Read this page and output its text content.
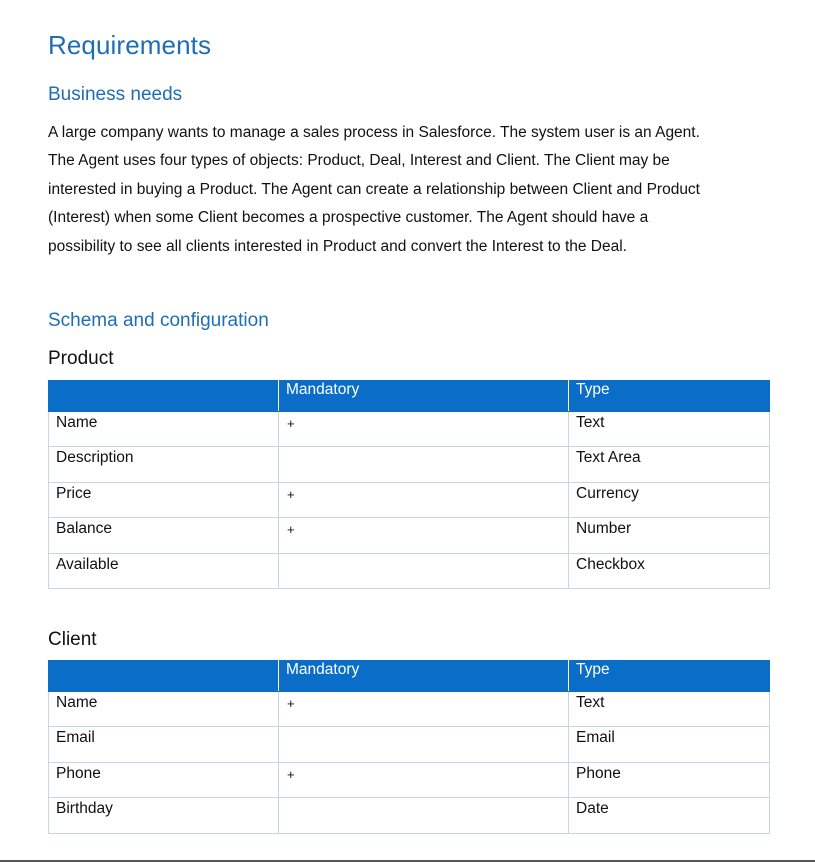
Requirements
Business needs
A large company wants to manage a sales process in Salesforce. The system user is an Agent.
The Agent uses four types of objects: Product, Deal, Interest and Client. The Client may be
interested in buying a Product. The Agent can create a relationship between Client and Product
(Interest) when some Client becomes a prospective customer. The Agent should have a
possibility to see all clients interested in Product and convert the Interest to the Deal.
Schema and configuration
Product
	Mandatory	Type
Name	+	Text
Description		Text Area
Price	+	Currency
Balance	+	Number
Available		Checkbox
Client
	Mandatory	Type
Name	+	Text
Email		Email
Phone	+	Phone
Birthday		Date
